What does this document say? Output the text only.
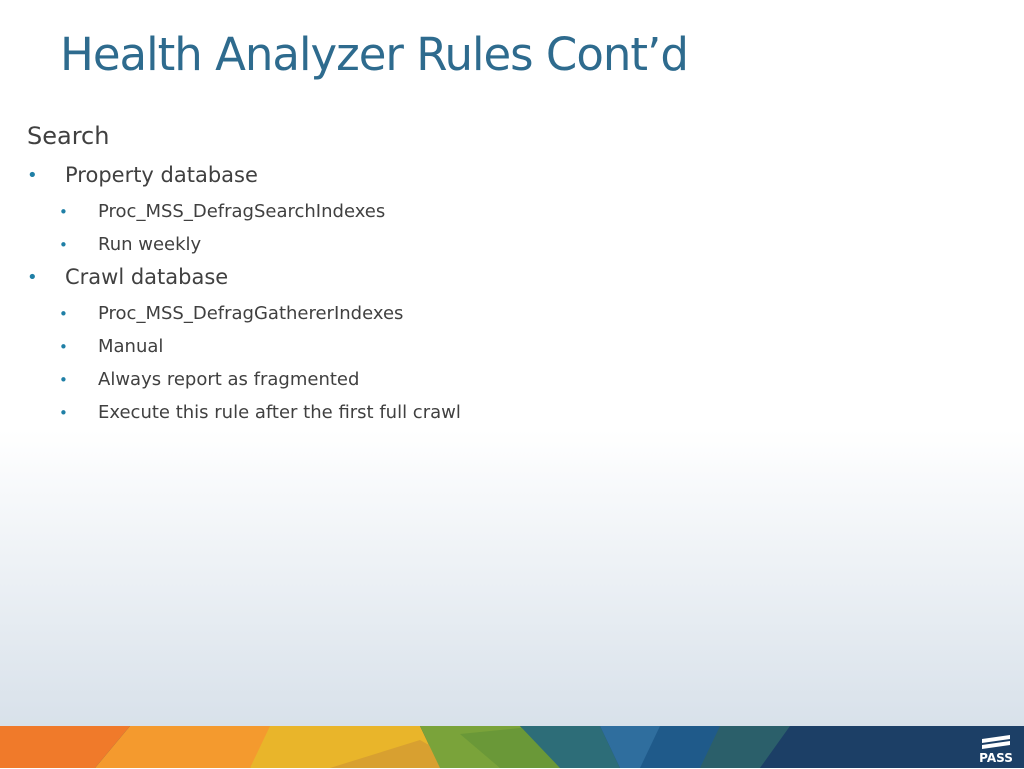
Health Analyzer Rules Cont’d
Search
• Property database
• Proc_MSS_DefragSearchIndexes
• Run weekly
• Crawl database
• Proc_MSS_DefragGathererIndexes
• Manual
• Always report as fragmented
• Execute this rule after the first full crawl
PASS
